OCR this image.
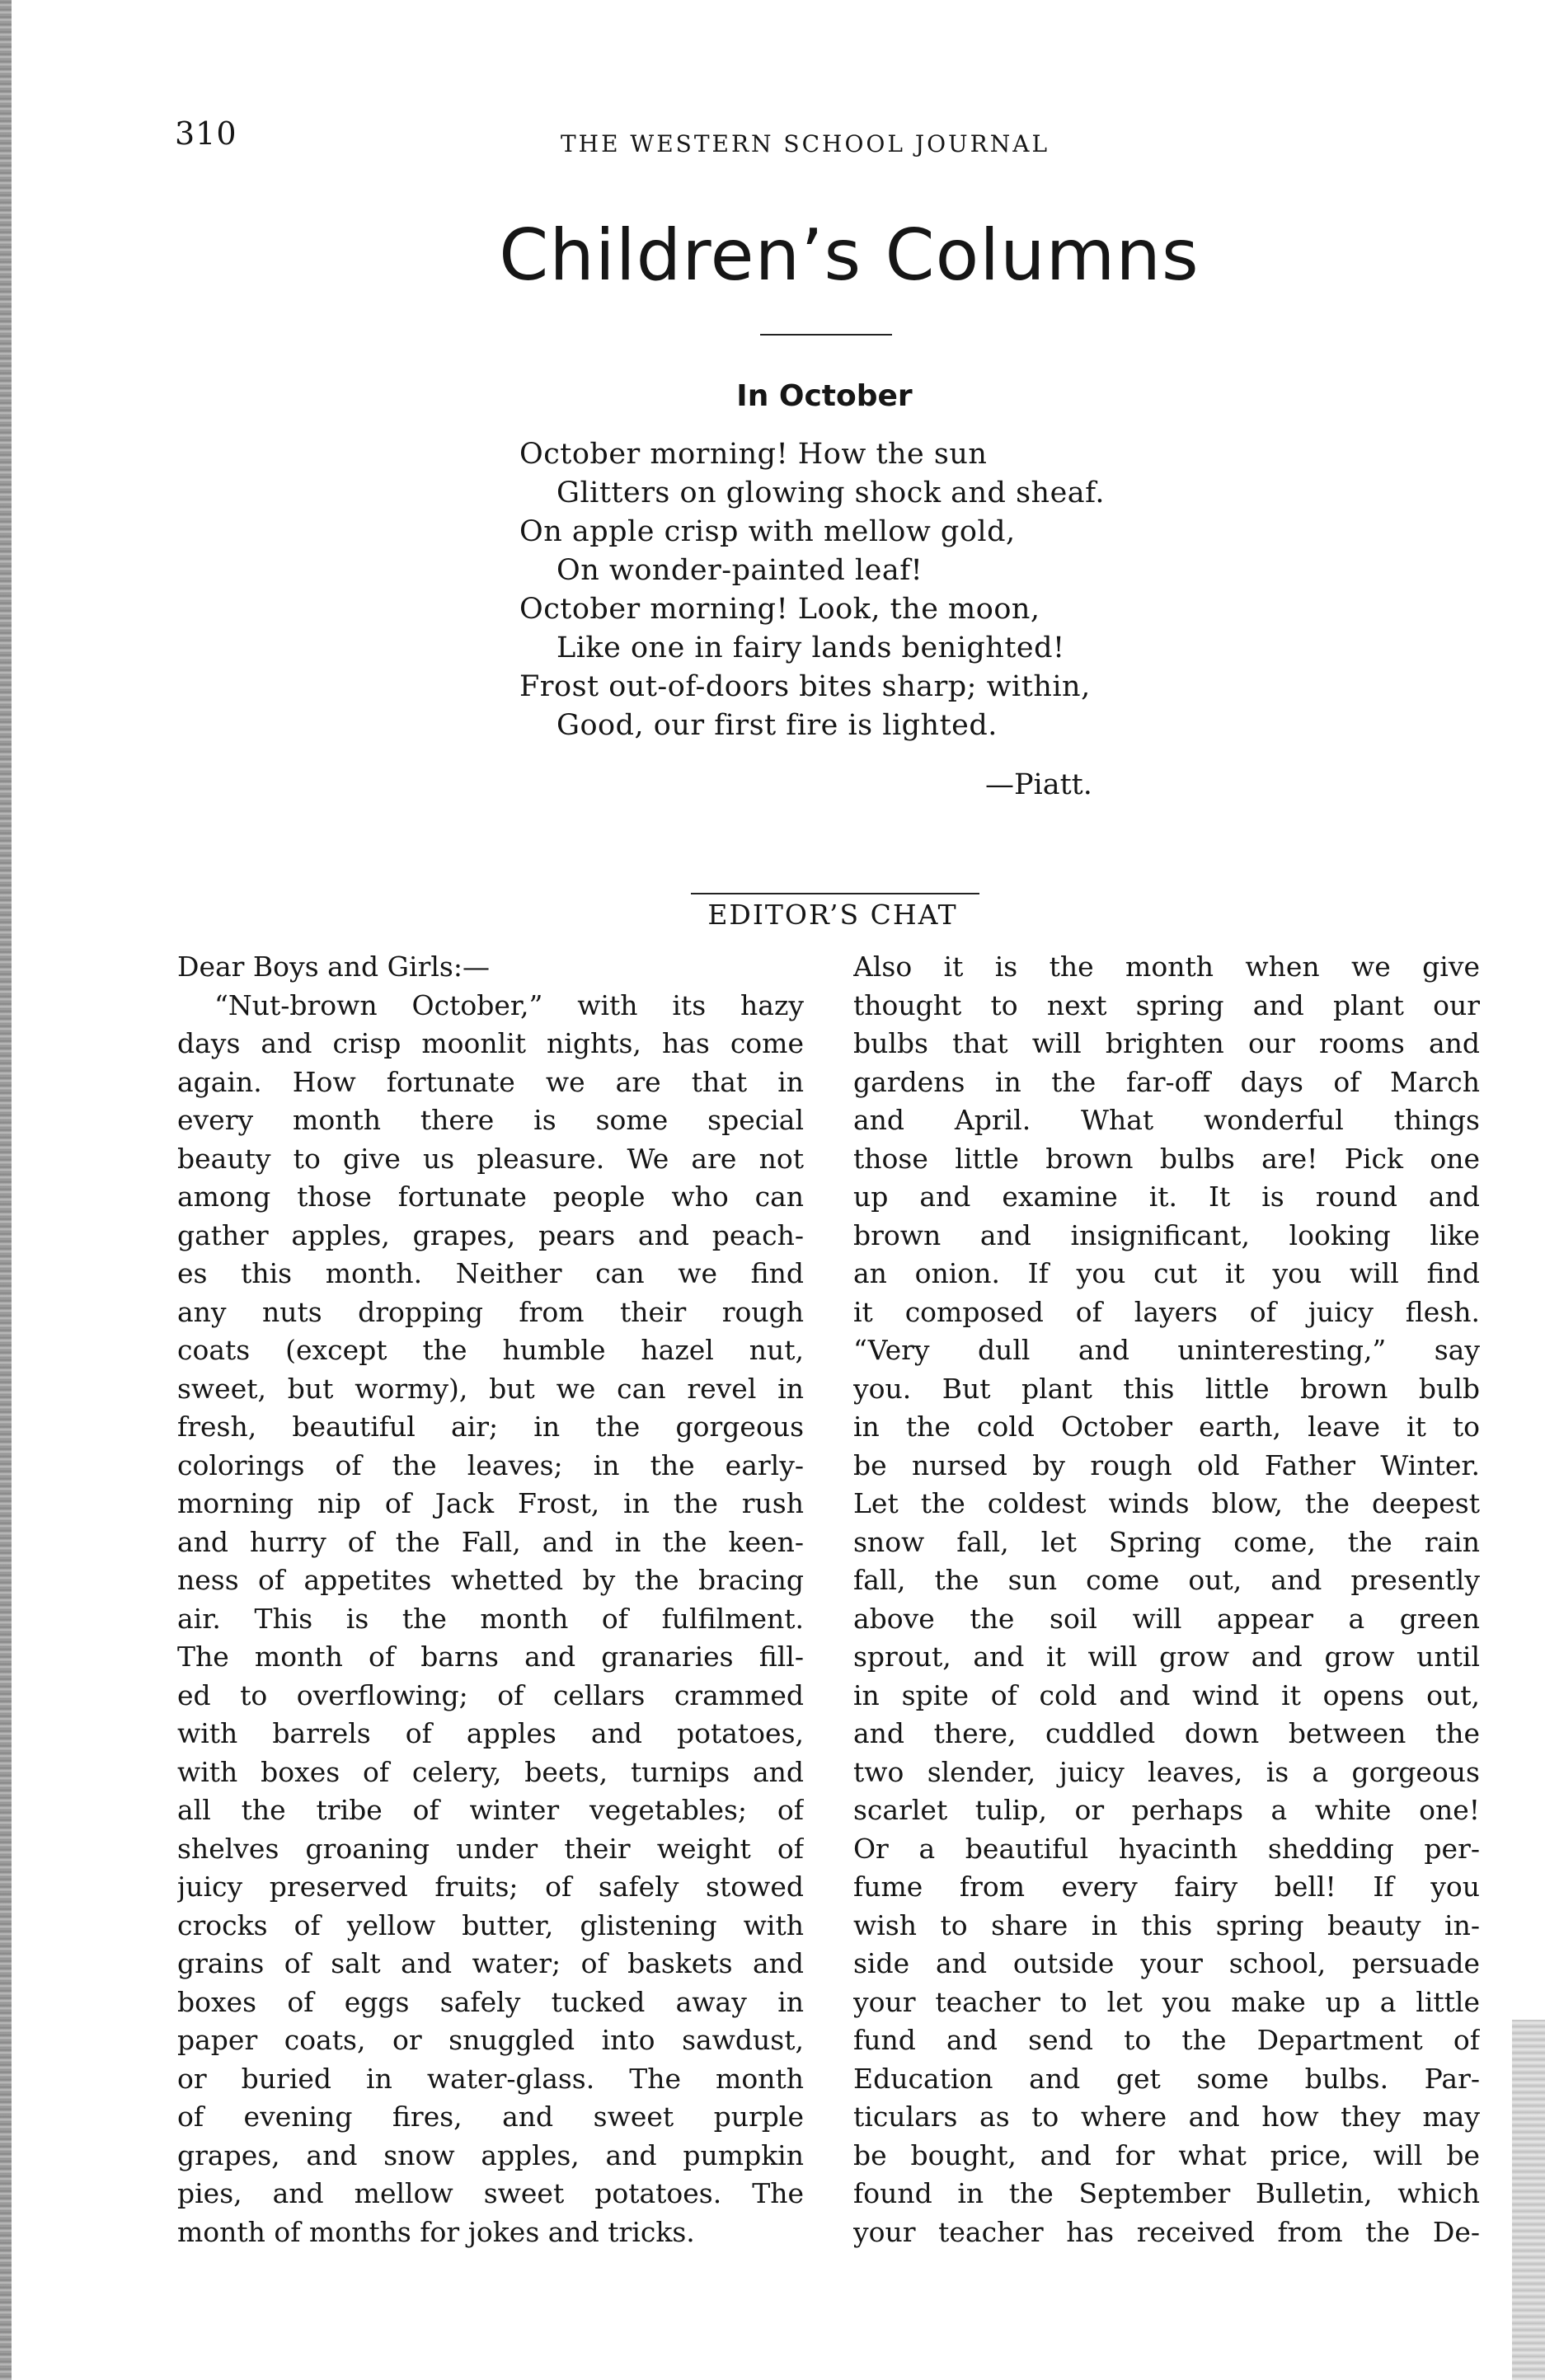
310	THE WESTERN SCHOOL JOURNAL
Children’s Columns
In October
October morning! How the sun
Glitters on glowing shock and sheaf.
On apple crisp with mellow gold,
On wonder-painted leaf!
October morning! Look, the moon,
Like one in fairy lands benighted!
Frost out-of-doors bites sharp; within,
Good, our first fire is lighted.
—Piatt.
EDITOR’S CHAT
Dear Boys and Girls:—
“Nut-brown October,” with its hazy
days and crisp moonlit nights, has come
again. How fortunate we are that in
every month there is some special
beauty to give us pleasure. We are not
among those fortunate people who can
gather apples, grapes, pears and peach-
es this month. Neither can we find
any nuts dropping from their rough
coats (except the humble hazel nut,
sweet, but wormy), but we can revel in
fresh, beautiful air; in the gorgeous
colorings of the leaves; in the early-
morning nip of Jack Frost, in the rush
and hurry of the Fall, and in the keen-
ness of appetites whetted by the bracing
air. This is the month of fulfilment.
The month of barns and granaries fill-
ed to overflowing; of cellars crammed
with barrels of apples and potatoes,
with boxes of celery, beets, turnips and
all the tribe of winter vegetables; of
shelves groaning under their weight of
juicy preserved fruits; of safely stowed
crocks of yellow butter, glistening with
grains of salt and water; of baskets and
boxes of eggs safely tucked away in
paper coats, or snuggled into sawdust,
or buried in water-glass. The month
of evening fires, and sweet purple
grapes, and snow apples, and pumpkin
pies, and mellow sweet potatoes. The
month of months for jokes and tricks.
Also it is the month when we give
thought to next spring and plant our
bulbs that will brighten our rooms and
gardens in the far-off days of March
and April. What wonderful things
those little brown bulbs are! Pick one
up and examine it. It is round and
brown and insignificant, looking like
an onion. If you cut it you will find
it composed of layers of juicy flesh.
“Very dull and uninteresting,” say
you. But plant this little brown bulb
in the cold October earth, leave it to
be nursed by rough old Father Winter.
Let the coldest winds blow, the deepest
snow fall, let Spring come, the rain
fall, the sun come out, and presently
above the soil will appear a green
sprout, and it will grow and grow until
in spite of cold and wind it opens out,
and there, cuddled down between the
two slender, juicy leaves, is a gorgeous
scarlet tulip, or perhaps a white one!
Or a beautiful hyacinth shedding per-
fume from every fairy bell! If you
wish to share in this spring beauty in-
side and outside your school, persuade
your teacher to let you make up a little
fund and send to the Department of
Education and get some bulbs. Par-
ticulars as to where and how they may
be bought, and for what price, will be
found in the September Bulletin, which
your teacher has received from the De-
